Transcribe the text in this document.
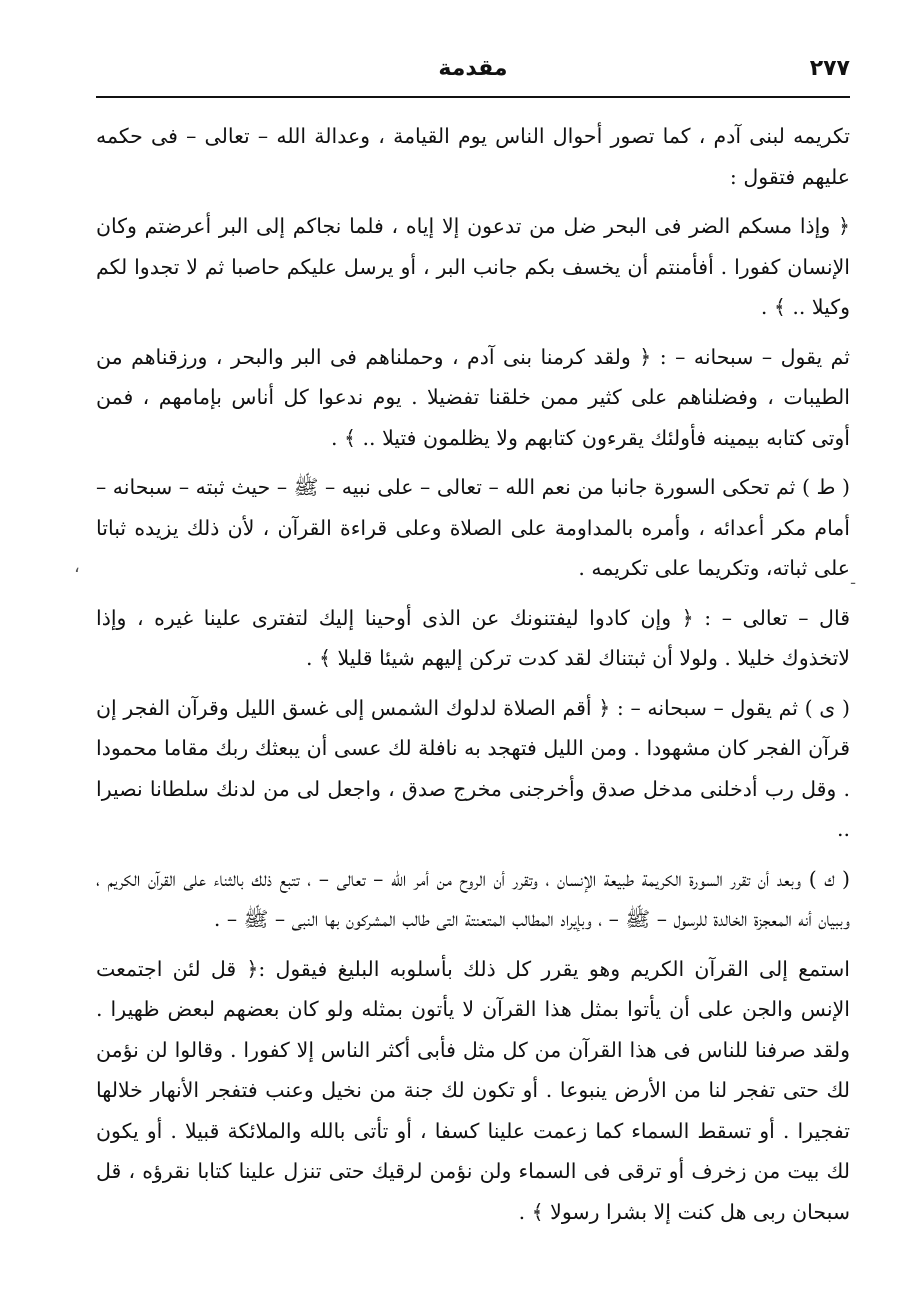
٢٧٧
مقدمة

تكريمه لبنى آدم ، كما تصور أحوال الناس يوم القيامة ، وعدالة الله – تعالى – فى حكمه عليهم فتقول :

﴿ وإذا مسكم الضر فى البحر ضل من تدعون إلا إياه ، فلما نجاكم إلى البر أعرضتم وكان الإنسان كفورا . أفأمنتم أن يخسف بكم جانب البر ، أو يرسل عليكم حاصبا ثم لا تجدوا لكم وكيلا .. ﴾ .

ثم يقول – سبحانه – : ﴿ ولقد كرمنا بنى آدم ، وحملناهم فى البر والبحر ، ورزقناهم من الطيبات ، وفضلناهم على كثير ممن خلقنا تفضيلا . يوم ندعوا كل أناس بإمامهم ، فمن أوتى كتابه بيمينه فأولئك يقرءون كتابهم ولا يظلمون فتيلا .. ﴾ .

( ط ) ثم تحكى السورة جانبا من نعم الله – تعالى – على نبيه – ﷺ – حيث ثبته – سبحانه – أمام مكر أعدائه ، وأمره بالمداومة على الصلاة وعلى قراءة القرآن ، لأن ذلك يزيده ثباتا على ثباته، وتكريما على تكريمه .

قال – تعالى – : ﴿ وإن كادوا ليفتنونك عن الذى أوحينا إليك لتفترى علينا غيره ، وإذا لاتخذوك خليلا . ولولا أن ثبتناك لقد كدت تركن إليهم شيئا قليلا ﴾ .

( ى ) ثم يقول – سبحانه – : ﴿ أقم الصلاة لدلوك الشمس إلى غسق الليل وقرآن الفجر إن قرآن الفجر كان مشهودا . ومن الليل فتهجد به نافلة لك عسى أن يبعثك ربك مقاما محمودا . وقل رب أدخلنى مدخل صدق وأخرجنى مخرج صدق ، واجعل لى من لدنك سلطانا نصيرا ..

( ك ) وبعد أن تقرر السورة الكريمة طبيعة الإنسان ، وتقرر أن الروح من أمر الله – تعالى – ، تتبع ذلك بالثناء على القرآن الكريم ، وببيان أنه المعجزة الخالدة للرسول – ﷺ – ، وبإيراد المطالب المتعنتة التى طالب المشركون بها النبى – ﷺ – .

استمع إلى القرآن الكريم وهو يقرر كل ذلك بأسلوبه البليغ فيقول :﴿ قل لئن اجتمعت الإنس والجن على أن يأتوا بمثل هذا القرآن لا يأتون بمثله ولو كان بعضهم لبعض ظهيرا . ولقد صرفنا للناس فى هذا القرآن من كل مثل فأبى أكثر الناس إلا كفورا . وقالوا لن نؤمن لك حتى تفجر لنا من الأرض ينبوعا . أو تكون لك جنة من نخيل وعنب فتفجر الأنهار خلالها تفجيرا . أو تسقط السماء كما زعمت علينا كسفا ، أو تأتى بالله والملائكة قبيلا . أو يكون لك بيت من زخرف أو ترقى فى السماء ولن نؤمن لرقيك حتى تنزل علينا كتابا نقرؤه ، قل سبحان ربى هل كنت إلا بشرا رسولا ﴾ .

،
ـ
